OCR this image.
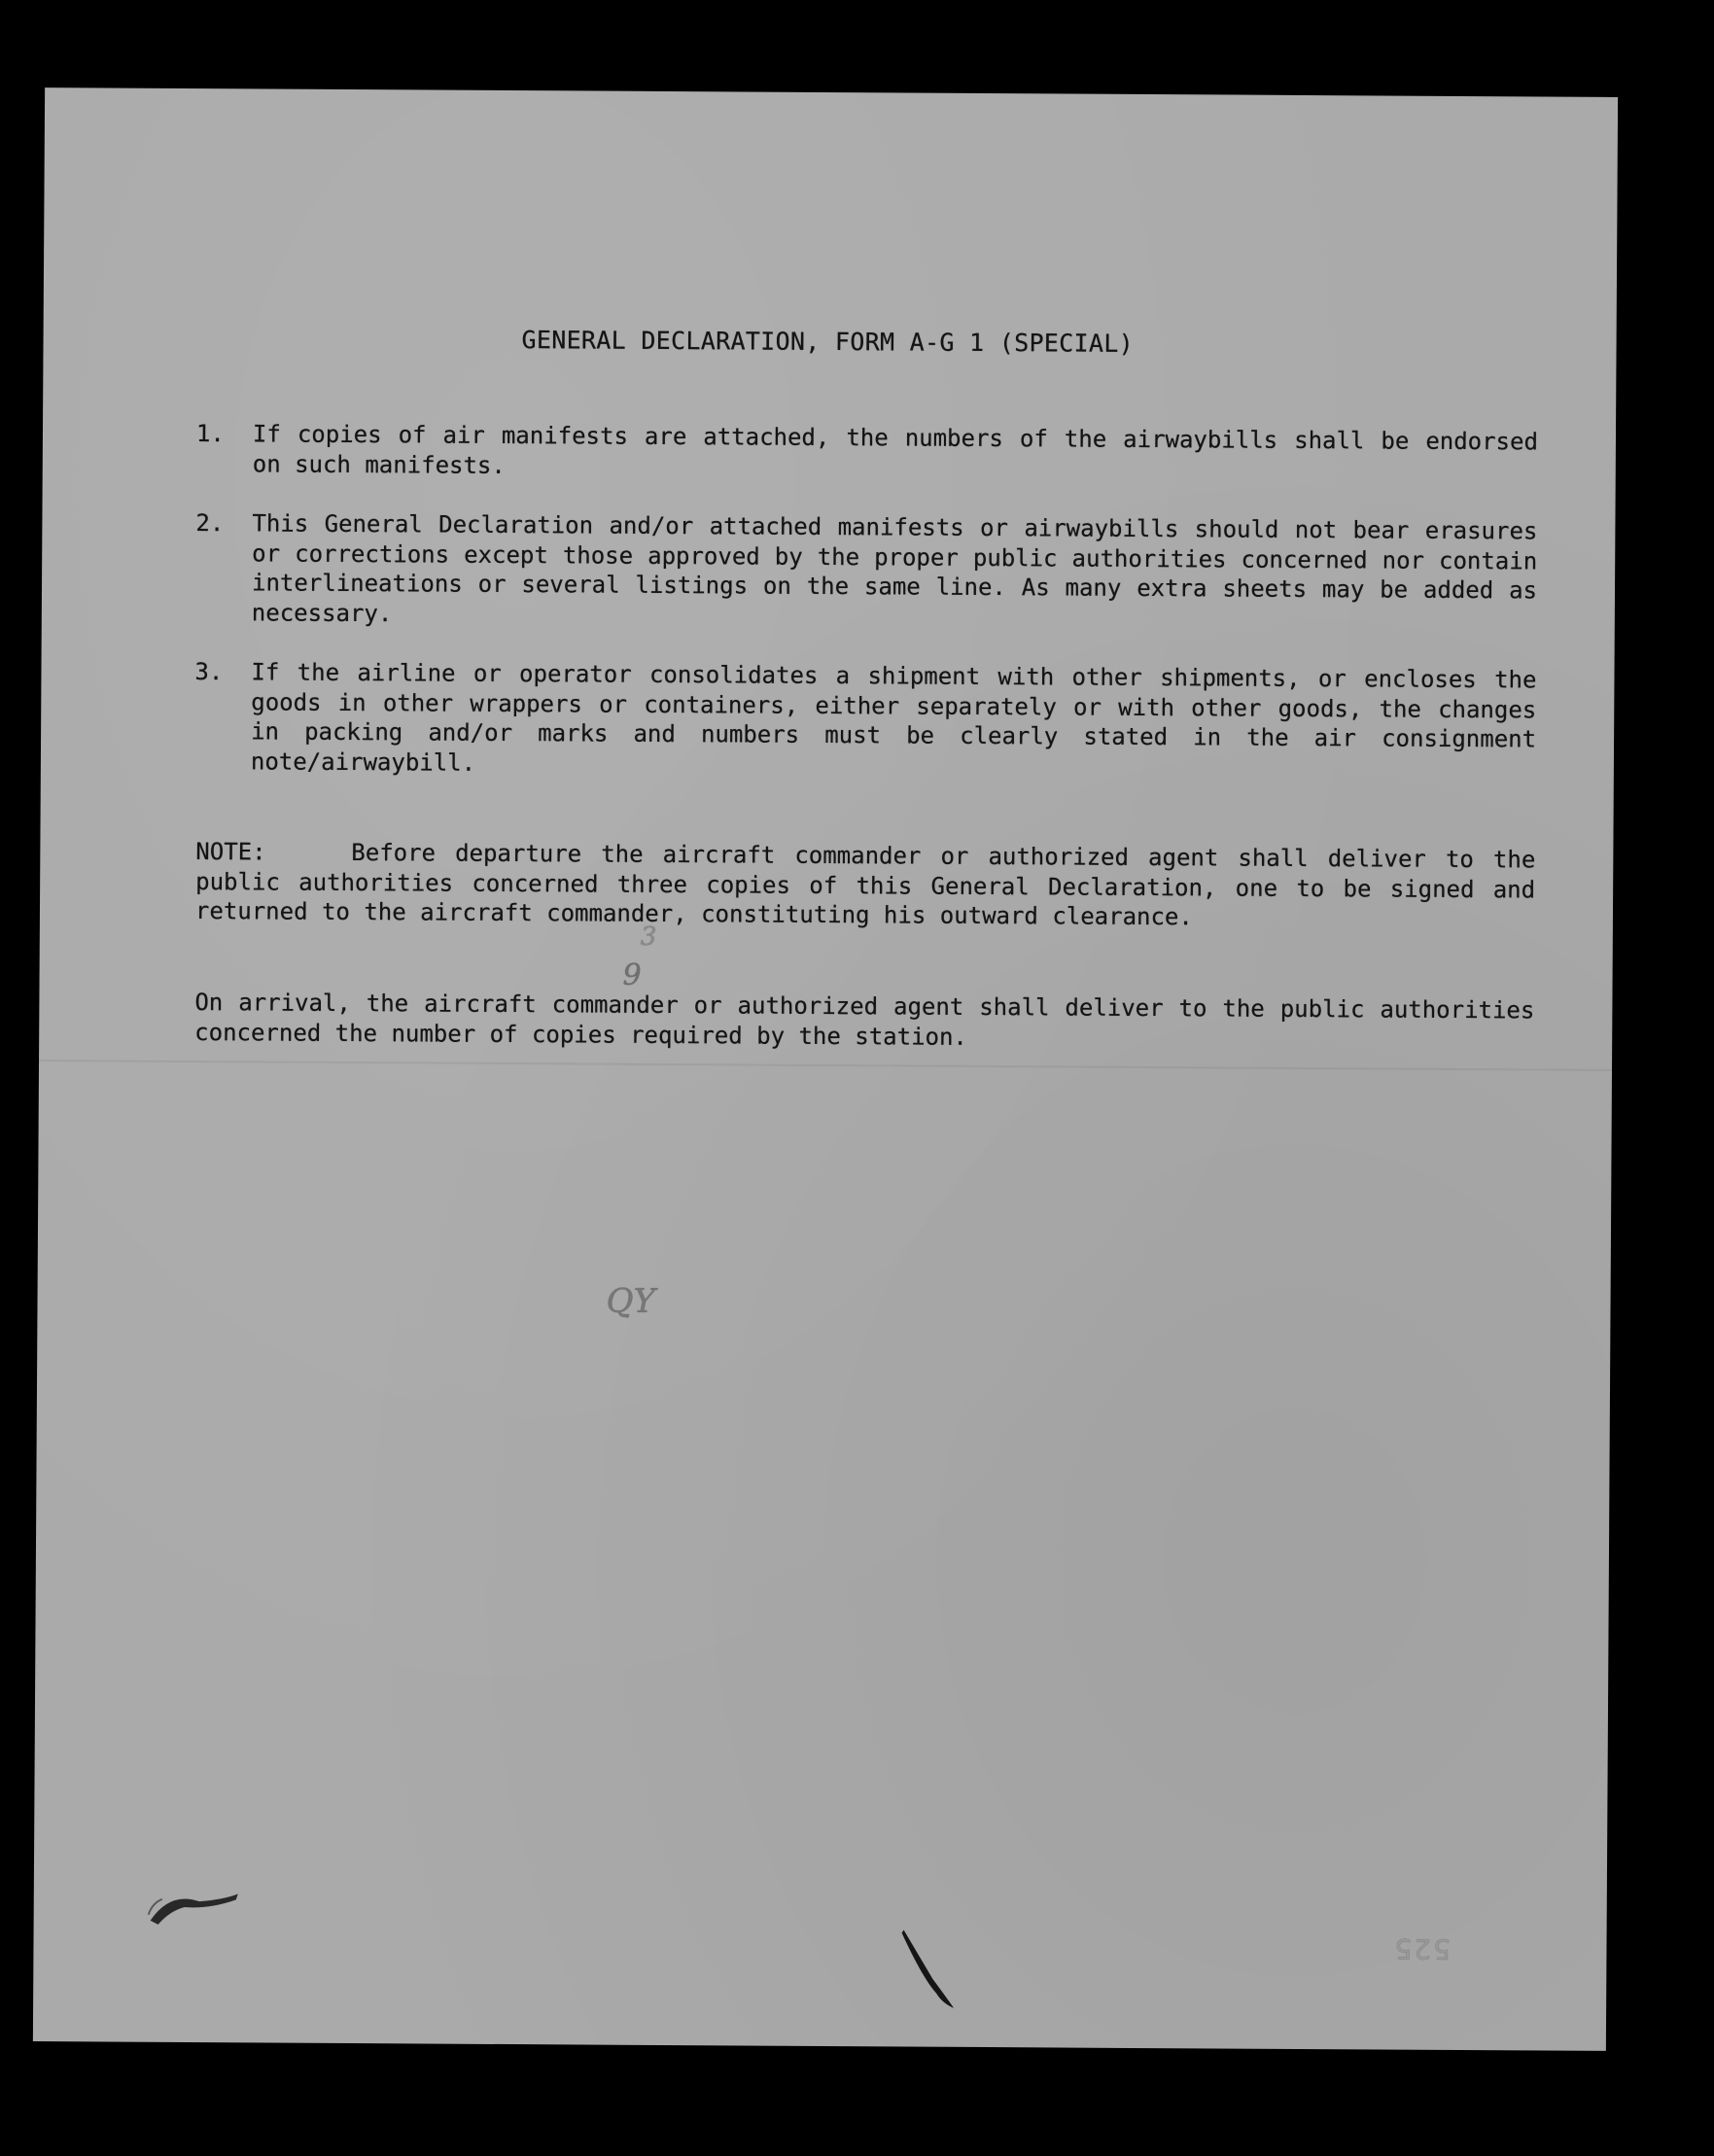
GENERAL DECLARATION, FORM A-G 1 (SPECIAL)
1.	If copies of air manifests are attached, the numbers of the airwaybills shall be endorsed on such manifests.
2.	This General Declaration and/or attached manifests or airwaybills should not bear erasures or corrections except those approved by the proper public authorities concerned nor contain interlineations or several listings on the same line. As many extra sheets may be added as necessary.
3.	If the airline or operator consolidates a shipment with other shipments, or encloses the goods in other wrappers or containers, either separately or with other goods, the changes in packing and/or marks and numbers must be clearly stated in the air consignment note/airwaybill.

NOTE:	Before departure the aircraft commander or authorized agent shall deliver to the public authorities concerned three copies of this General Declaration, one to be signed and returned to the aircraft commander, constituting his outward clearance.

On arrival, the aircraft commander or authorized agent shall deliver to the public authorities concerned the number of copies required by the station.

3
9
QY
525
